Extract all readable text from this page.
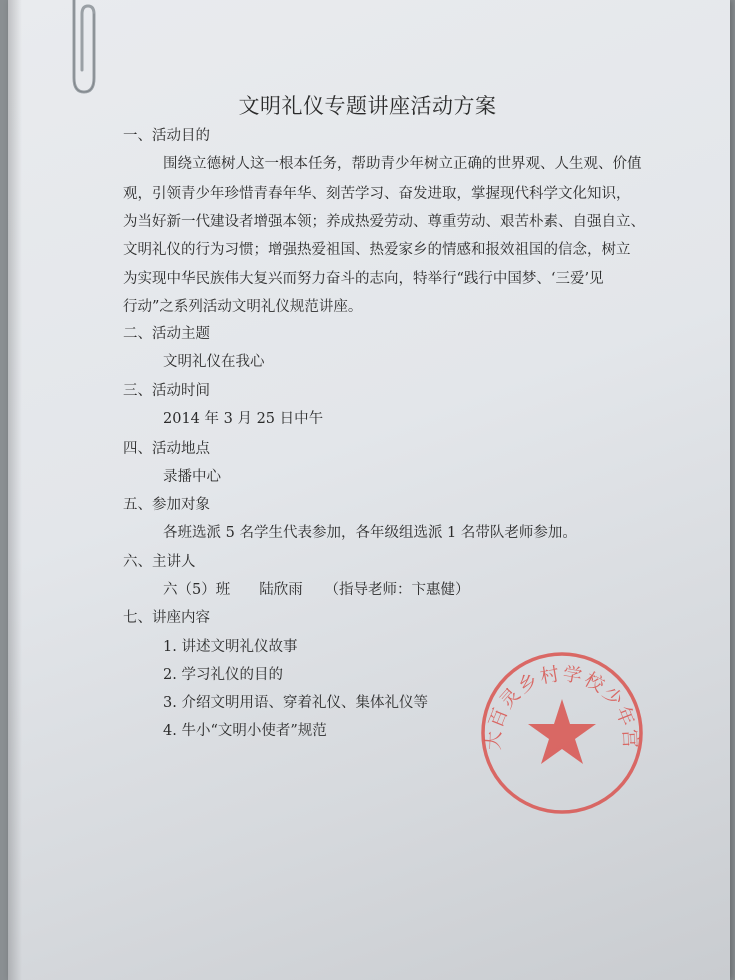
文明礼仪专题讲座活动方案
一、活动目的
围绕立德树人这一根本任务，帮助青少年树立正确的世界观、人生观、价值
观，引领青少年珍惜青春年华、刻苦学习、奋发进取，掌握现代科学文化知识，
为当好新一代建设者增强本领；养成热爱劳动、尊重劳动、艰苦朴素、自强自立、
文明礼仪的行为习惯；增强热爱祖国、热爱家乡的情感和报效祖国的信念，树立
为实现中华民族伟大复兴而努力奋斗的志向，特举行“践行中国梦、‘三爱’见
行动”之系列活动文明礼仪规范讲座。
二、活动主题
文明礼仪在我心
三、活动时间
2014 年 3 月 25 日中午
四、活动地点
录播中心
五、参加对象
各班选派 5 名学生代表参加，各年级组选派 1 名带队老师参加。
六、主讲人
六（5）班　　陆欣雨　　（指导老师：卞惠健）
七、讲座内容
1. 讲述文明礼仪故事
2. 学习礼仪的目的
3. 介绍文明用语、穿着礼仪、集体礼仪等
4. 牛小“文明小使者”规范	大百灵乡村学校少年宫
